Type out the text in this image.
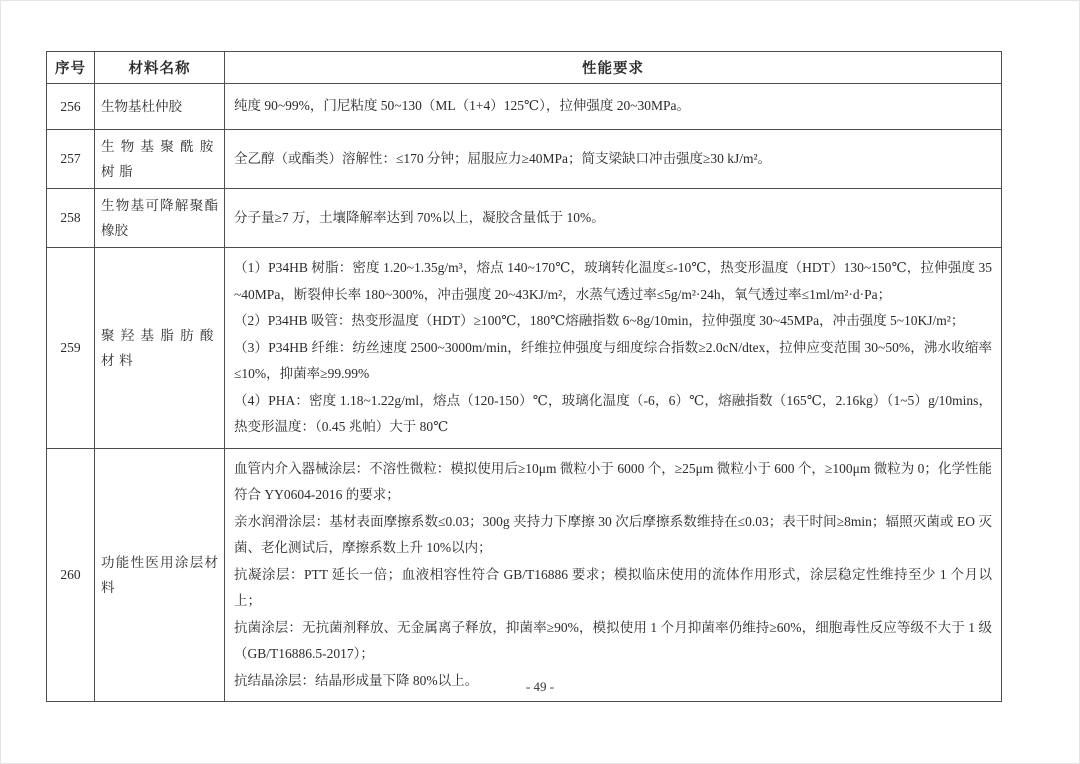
序号	材料名称	性能要求
256	生物基杜仲胶	纯度 90~99%，门尼粘度 50~130（ML（1+4）125℃），拉伸强度 20~30MPa。

257	生物基聚酰胺树脂	全乙醇（或酯类）溶解性：≤170 分钟；屈服应力≥40MPa；简支梁缺口冲击强度≥30 kJ/m²。

258	生物基可降解聚酯橡胶	分子量≥7 万，土壤降解率达到 70%以上，凝胶含量低于 10%。

259	聚羟基脂肪酸材料	（1）P34HB 树脂：密度 1.20~1.35g/m³，熔点 140~170℃，玻璃转化温度≤-10℃，热变形温度（HDT）130~150℃，拉伸强度 35~40MPa，断裂伸长率 180~300%，冲击强度 20~43KJ/m²，水蒸气透过率≤5g/m²·24h，氧气透过率≤1ml/m²·d·Pa；
（2）P34HB 吸管：热变形温度（HDT）≥100℃，180℃熔融指数 6~8g/10min，拉伸强度 30~45MPa，冲击强度 5~10KJ/m²；
（3）P34HB 纤维：纺丝速度 2500~3000m/min，纤维拉伸强度与细度综合指数≥2.0cN/dtex，拉伸应变范围 30~50%，沸水收缩率≤10%，抑菌率≥99.99%
（4）PHA：密度 1.18~1.22g/ml，熔点（120-150）℃，玻璃化温度（-6，6）℃，熔融指数（165℃，2.16kg）（1~5）g/10mins，热变形温度：（0.45 兆帕）大于 80℃

260	功能性医用涂层材料	血管内介入器械涂层：不溶性微粒：模拟使用后≥10μm 微粒小于 6000 个，≥25μm 微粒小于 600 个，≥100μm 微粒为 0；化学性能符合 YY0604-2016 的要求；
亲水润滑涂层：基材表面摩擦系数≤0.03；300g 夹持力下摩擦 30 次后摩擦系数维持在≤0.03；表干时间≥8min；辐照灭菌或 EO 灭菌、老化测试后，摩擦系数上升 10%以内；
抗凝涂层：PTT 延长一倍；血液相容性符合 GB/T16886 要求；模拟临床使用的流体作用形式，涂层稳定性维持至少 1 个月以上；
抗菌涂层：无抗菌剂释放、无金属离子释放，抑菌率≥90%，模拟使用 1 个月抑菌率仍维持≥60%，细胞毒性反应等级不大于 1 级（GB/T16886.5-2017）；
抗结晶涂层：结晶形成量下降 80%以上。	- 49 -
